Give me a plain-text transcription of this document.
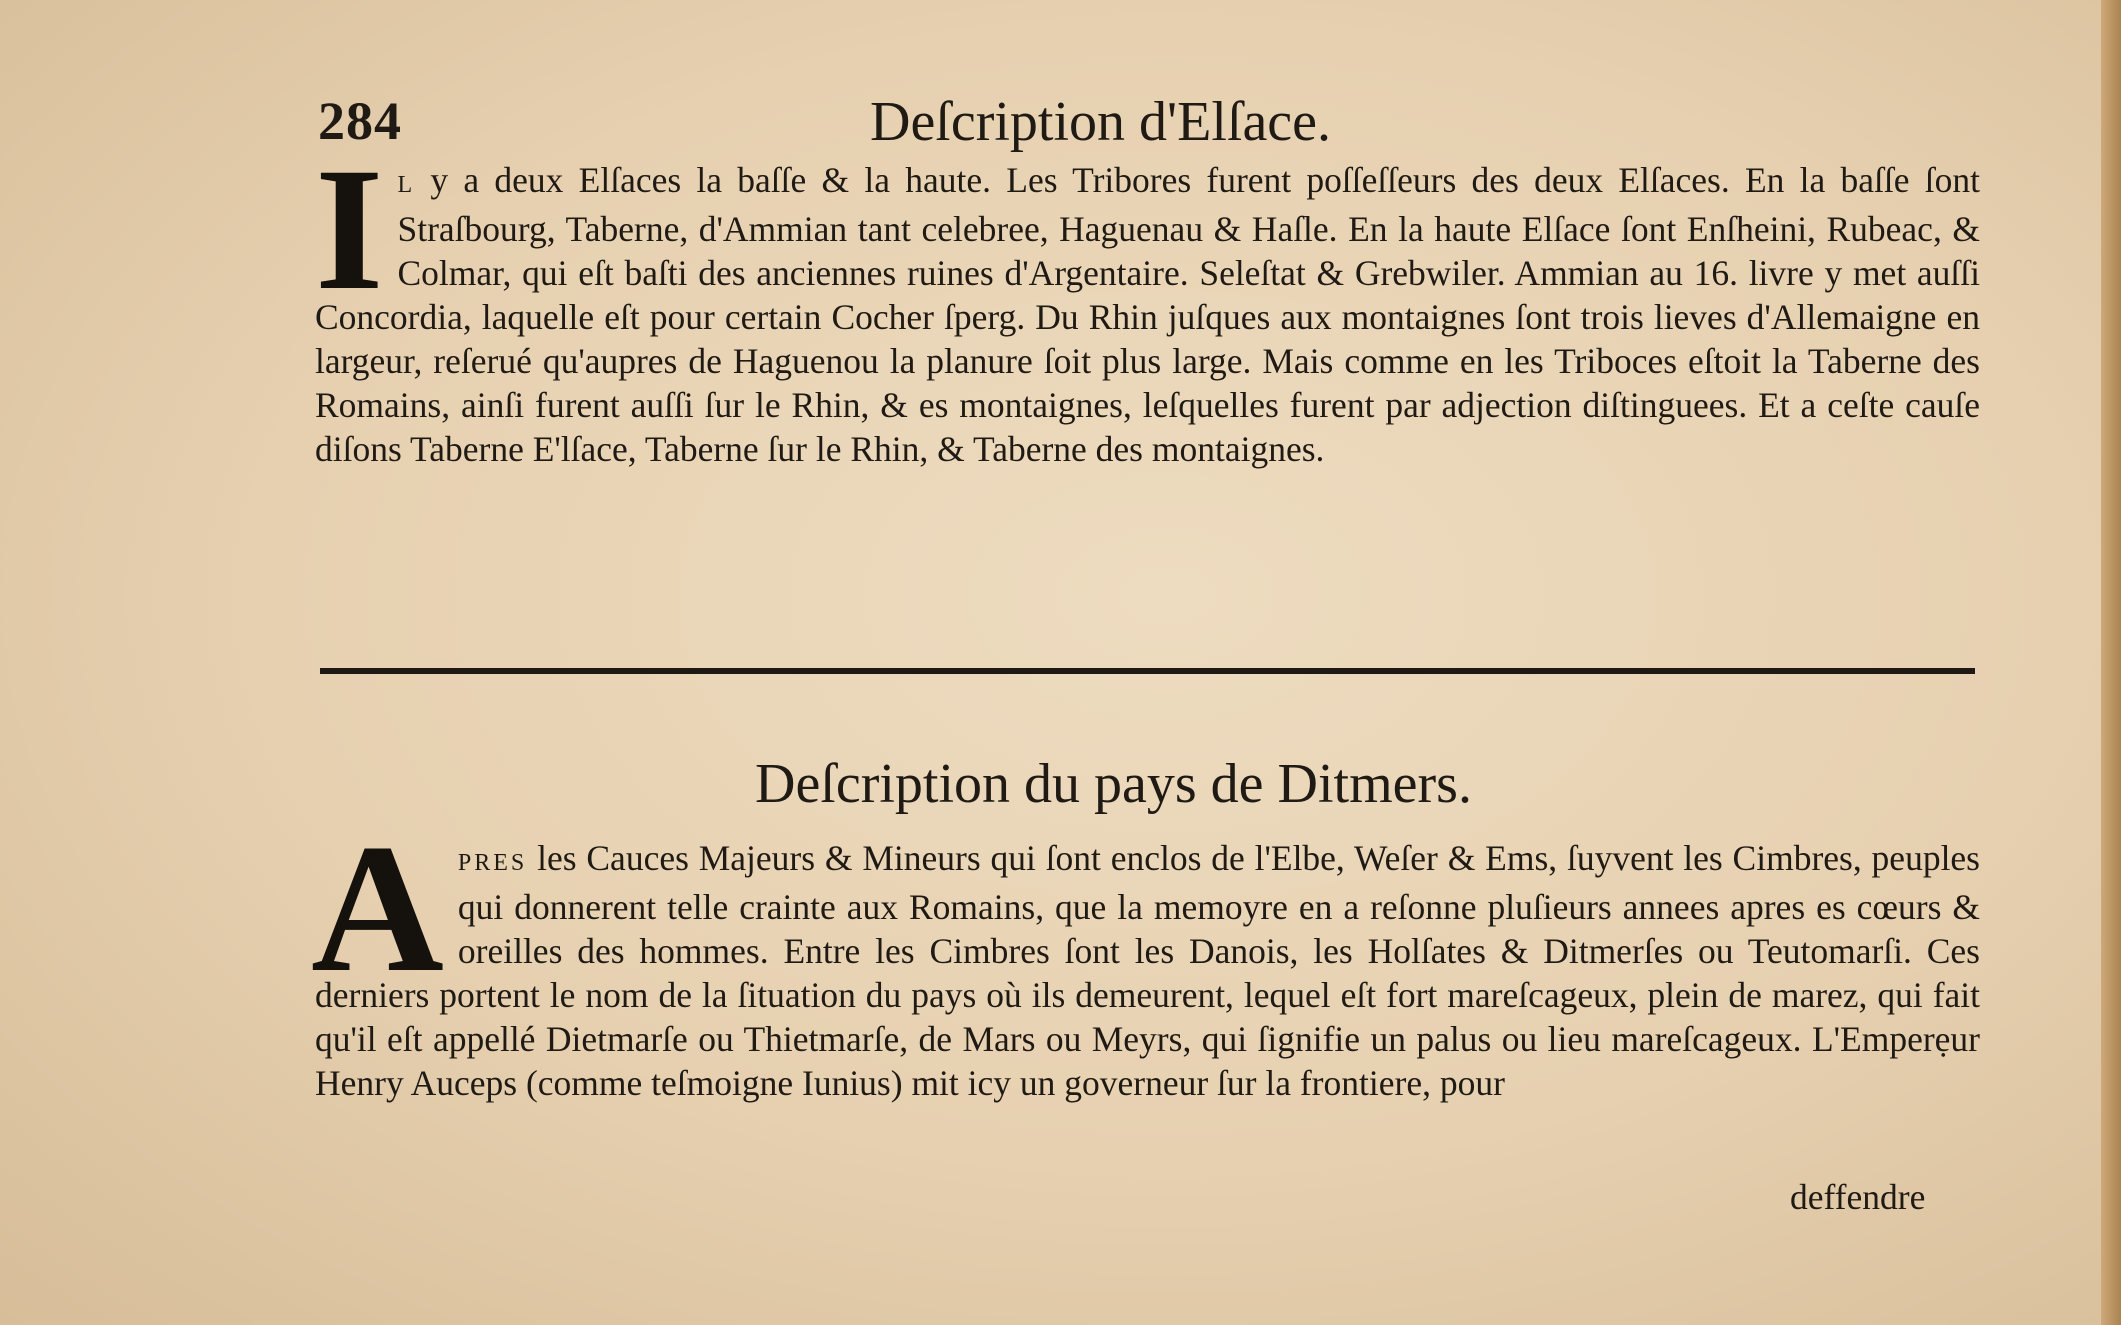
284	Deſcription d'Elſace.
I L y a deux Elſaces la baſſe & la haute. Les Tribores furent poſſeſſeurs des deux Elſaces. En la baſſe ſont Straſbourg, Taberne, d'Ammian tant celebree, Haguenau & Haſle. En la haute Elſace ſont Enſheini, Rubeac, & Colmar, qui eſt baſti des anciennes ruines d'Argentaire. Seleſtat & Grebwiler. Ammian au 16. livre y met auſſi Concordia, laquelle eſt pour certain Cocher ſperg. Du Rhin juſques aux montaignes ſont trois lieves d'Allemaigne en largeur, reſerué qu'aupres de Haguenou la planure ſoit plus large. Mais comme en les Triboces eſtoit la Taberne des Romains, ainſi furent auſſi ſur le Rhin, & es montaignes, leſquelles furent par adjection diſtinguees. Et a ceſte cauſe diſons Taberne E'lſace, Taberne ſur le Rhin, & Taberne des montaignes.

Deſcription du pays de Ditmers.
A PRES les Cauces Majeurs & Mineurs qui ſont enclos de l'Elbe, Weſer & Ems, ſuyvent les Cimbres, peuples qui donnerent telle crainte aux Romains, que la memoyre en a reſonne pluſieurs annees apres es cœurs & oreilles des hommes. Entre les Cimbres ſont les Danois, les Holſates & Ditmerſes ou Teutomarſi. Ces derniers portent le nom de la ſituation du pays où ils demeurent, lequel eſt fort mareſcageux, plein de marez, qui fait qu'il eſt appellé Dietmarſe ou Thietmarſe, de Mars ou Meyrs, qui ſignifie un palus ou lieu mareſcageux. L'Emperẹur Henry Auceps (comme teſmoigne Iunius) mit icy un governeur ſur la frontiere, pour

deffendre
